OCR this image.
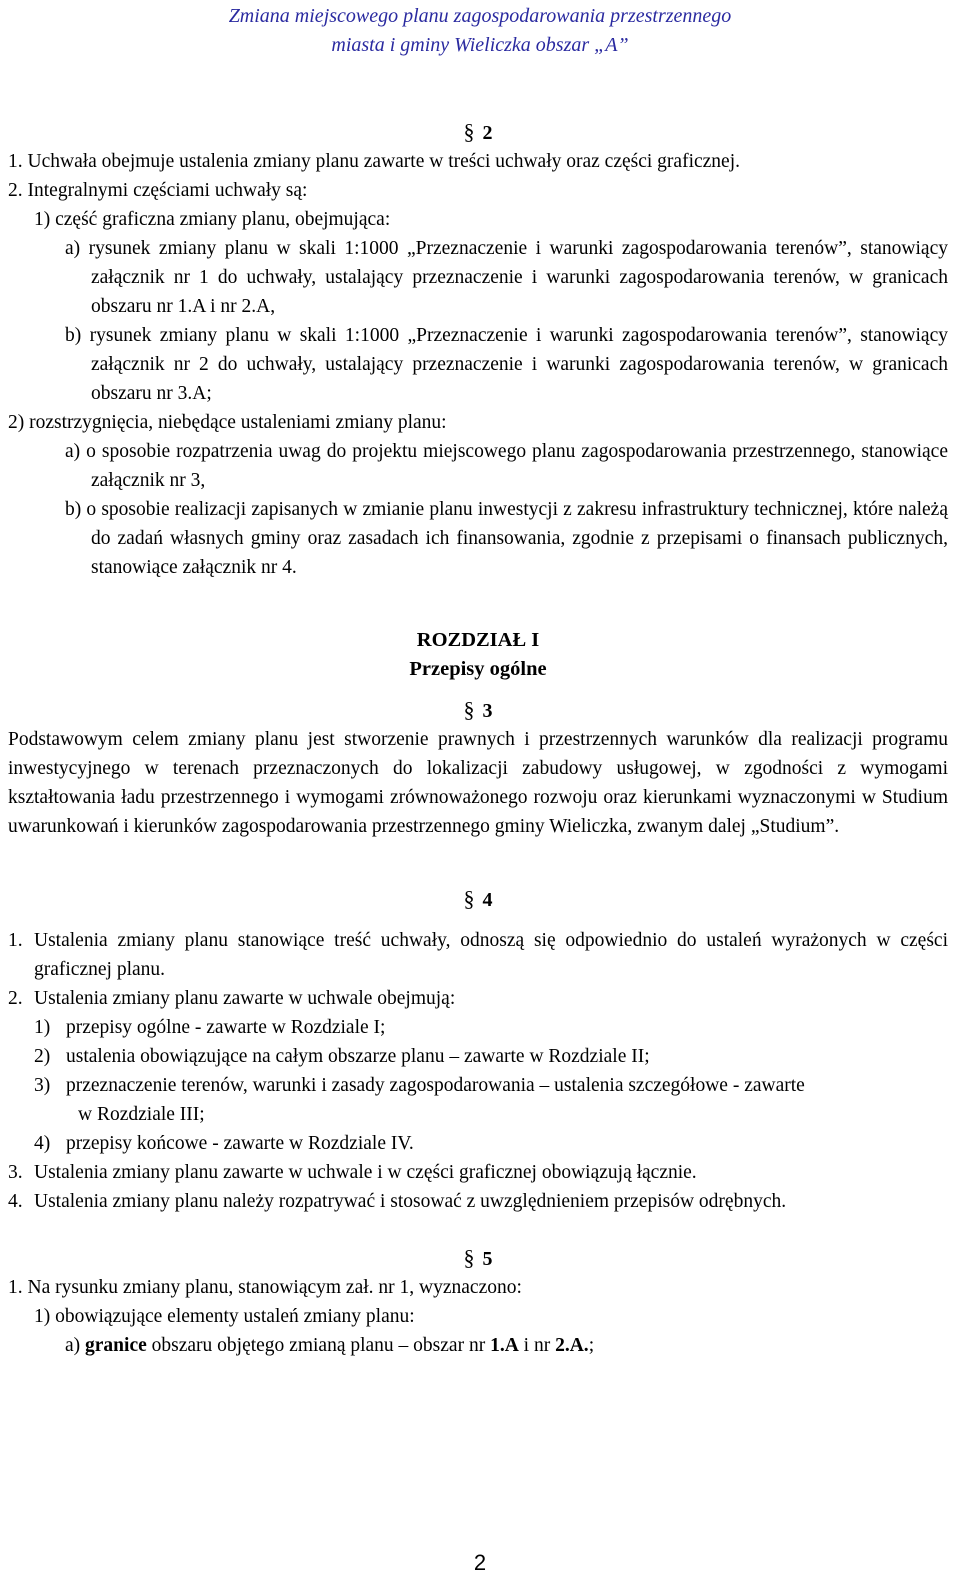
Zmiana miejscowego planu zagospodarowania przestrzennego
miasta i gminy Wieliczka obszar „A”

§ 2

1. Uchwała obejmuje ustalenia zmiany planu zawarte w treści uchwały oraz części graficznej.

2. Integralnymi częściami uchwały są:

1) część graficzna zmiany planu, obejmująca:

a) rysunek zmiany planu w skali 1:1000 „Przeznaczenie i warunki zagospodarowania terenów”, stanowiący załącznik nr 1 do uchwały, ustalający przeznaczenie i warunki zagospodarowania terenów, w granicach obszaru nr 1.A i nr 2.A,

b) rysunek zmiany planu w skali 1:1000 „Przeznaczenie i warunki zagospodarowania terenów”, stanowiący załącznik nr 2 do uchwały, ustalający przeznaczenie i warunki zagospodarowania terenów, w granicach obszaru nr 3.A;

2) rozstrzygnięcia, niebędące ustaleniami zmiany planu:

a) o sposobie rozpatrzenia uwag do projektu miejscowego planu zagospodarowania przestrzennego, stanowiące załącznik nr 3,

b) o sposobie realizacji zapisanych w zmianie planu inwestycji z zakresu infrastruktury technicznej, które należą do zadań własnych gminy oraz zasadach ich finansowania, zgodnie z przepisami o finansach publicznych, stanowiące załącznik nr 4.

ROZDZIAŁ I

Przepisy ogólne

§ 3

Podstawowym celem zmiany planu jest stworzenie prawnych i przestrzennych warunków dla realizacji programu inwestycyjnego w terenach przeznaczonych do lokalizacji zabudowy usługowej, w zgodności z wymogami kształtowania ładu przestrzennego i wymogami zrównoważonego rozwoju oraz kierunkami wyznaczonymi w Studium uwarunkowań i kierunków zagospodarowania przestrzennego gminy Wieliczka, zwanym dalej „Studium”.

§ 4

1. Ustalenia zmiany planu stanowiące treść uchwały, odnoszą się odpowiednio do ustaleń wyrażonych w części graficznej planu.
2. Ustalenia zmiany planu zawarte w uchwale obejmują:
1) przepisy ogólne - zawarte w Rozdziale I;
2) ustalenia obowiązujące na całym obszarze planu – zawarte w Rozdziale II;
3) przeznaczenie terenów, warunki i zasady zagospodarowania – ustalenia szczegółowe - zawarte

w Rozdziale III;

4) przepisy końcowe - zawarte w Rozdziale IV.
3. Ustalenia zmiany planu zawarte w uchwale i w części graficznej obowiązują łącznie.
4. Ustalenia zmiany planu należy rozpatrywać i stosować z uwzględnieniem przepisów odrębnych.

§ 5

1. Na rysunku zmiany planu, stanowiącym zał. nr 1, wyznaczono:

1) obowiązujące elementy ustaleń zmiany planu:

a) granice obszaru objętego zmianą planu – obszar nr 1.A i nr 2.A.;

2
